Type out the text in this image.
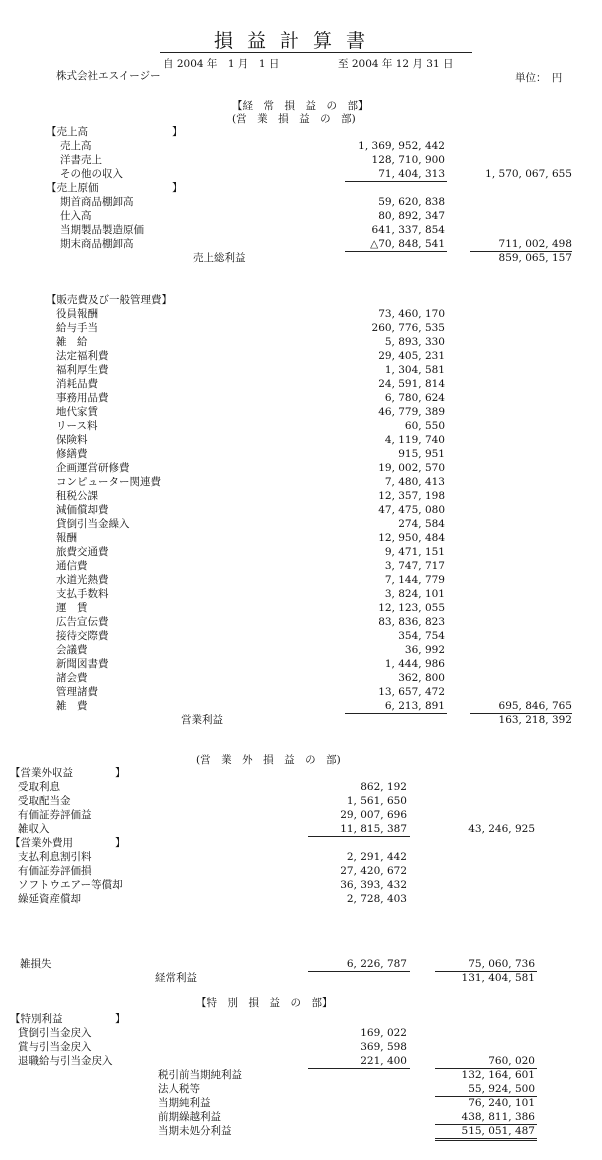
損益計算書
自 2004 年　1 月　1 日	至 2004 年 12 月 31 日
株式会社エスイージー	単位：　円
【経　常　損　益　の　部】
(営　業　損　益　の　部)
【売上高　　　　　　　　】
売上高	1, 369, 952, 442
洋書売上	128, 710, 900
その他の収入	71, 404, 313	1, 570, 067, 655
【売上原価　　　　　　　】
期首商品棚卸高	59, 620, 838
仕入高	80, 892, 347
当期製品製造原価	641, 337, 854
期末商品棚卸高	△70, 848, 541	711, 002, 498
売上総利益	859, 065, 157
【販売費及び一般管理費】
役員報酬	73, 460, 170
給与手当	260, 776, 535
雑　給	5, 893, 330
法定福利費	29, 405, 231
福利厚生費	1, 304, 581
消耗品費	24, 591, 814
事務用品費	6, 780, 624
地代家賃	46, 779, 389
リース料	60, 550
保険料	4, 119, 740
修繕費	915, 951
企画運営研修費	19, 002, 570
コンピューター関連費	7, 480, 413
租税公課	12, 357, 198
減価償却費	47, 475, 080
貸倒引当金繰入	274, 584
報酬	12, 950, 484
旅費交通費	9, 471, 151
通信費	3, 747, 717
水道光熱費	7, 144, 779
支払手数料	3, 824, 101
運　賃	12, 123, 055
広告宣伝費	83, 836, 823
接待交際費	354, 754
会議費	36, 992
新聞図書費	1, 444, 986
諸会費	362, 800
管理諸費	13, 657, 472
雑　費	6, 213, 891	695, 846, 765
営業利益	163, 218, 392
(営　業　外　損　益　の　部)
【営業外収益　　　　】
受取利息	862, 192
受取配当金	1, 561, 650
有価証券評価益	29, 007, 696
雑収入	11, 815, 387	43, 246, 925
【営業外費用　　　　】
支払利息割引料	2, 291, 442
有価証券評価損	27, 420, 672
ソフトウエアー等償却	36, 393, 432
繰延資産償却	2, 728, 403
雑損失	6, 226, 787	75, 060, 736
経常利益	131, 404, 581
【特　別　損　益　の　部】
【特別利益　　　　　】
貸倒引当金戻入	169, 022
賞与引当金戻入	369, 598
退職給与引当金戻入	221, 400	760, 020
税引前当期純利益	132, 164, 601
法人税等	55, 924, 500
当期純利益	76, 240, 101
前期繰越利益	438, 811, 386
当期未処分利益	515, 051, 487
